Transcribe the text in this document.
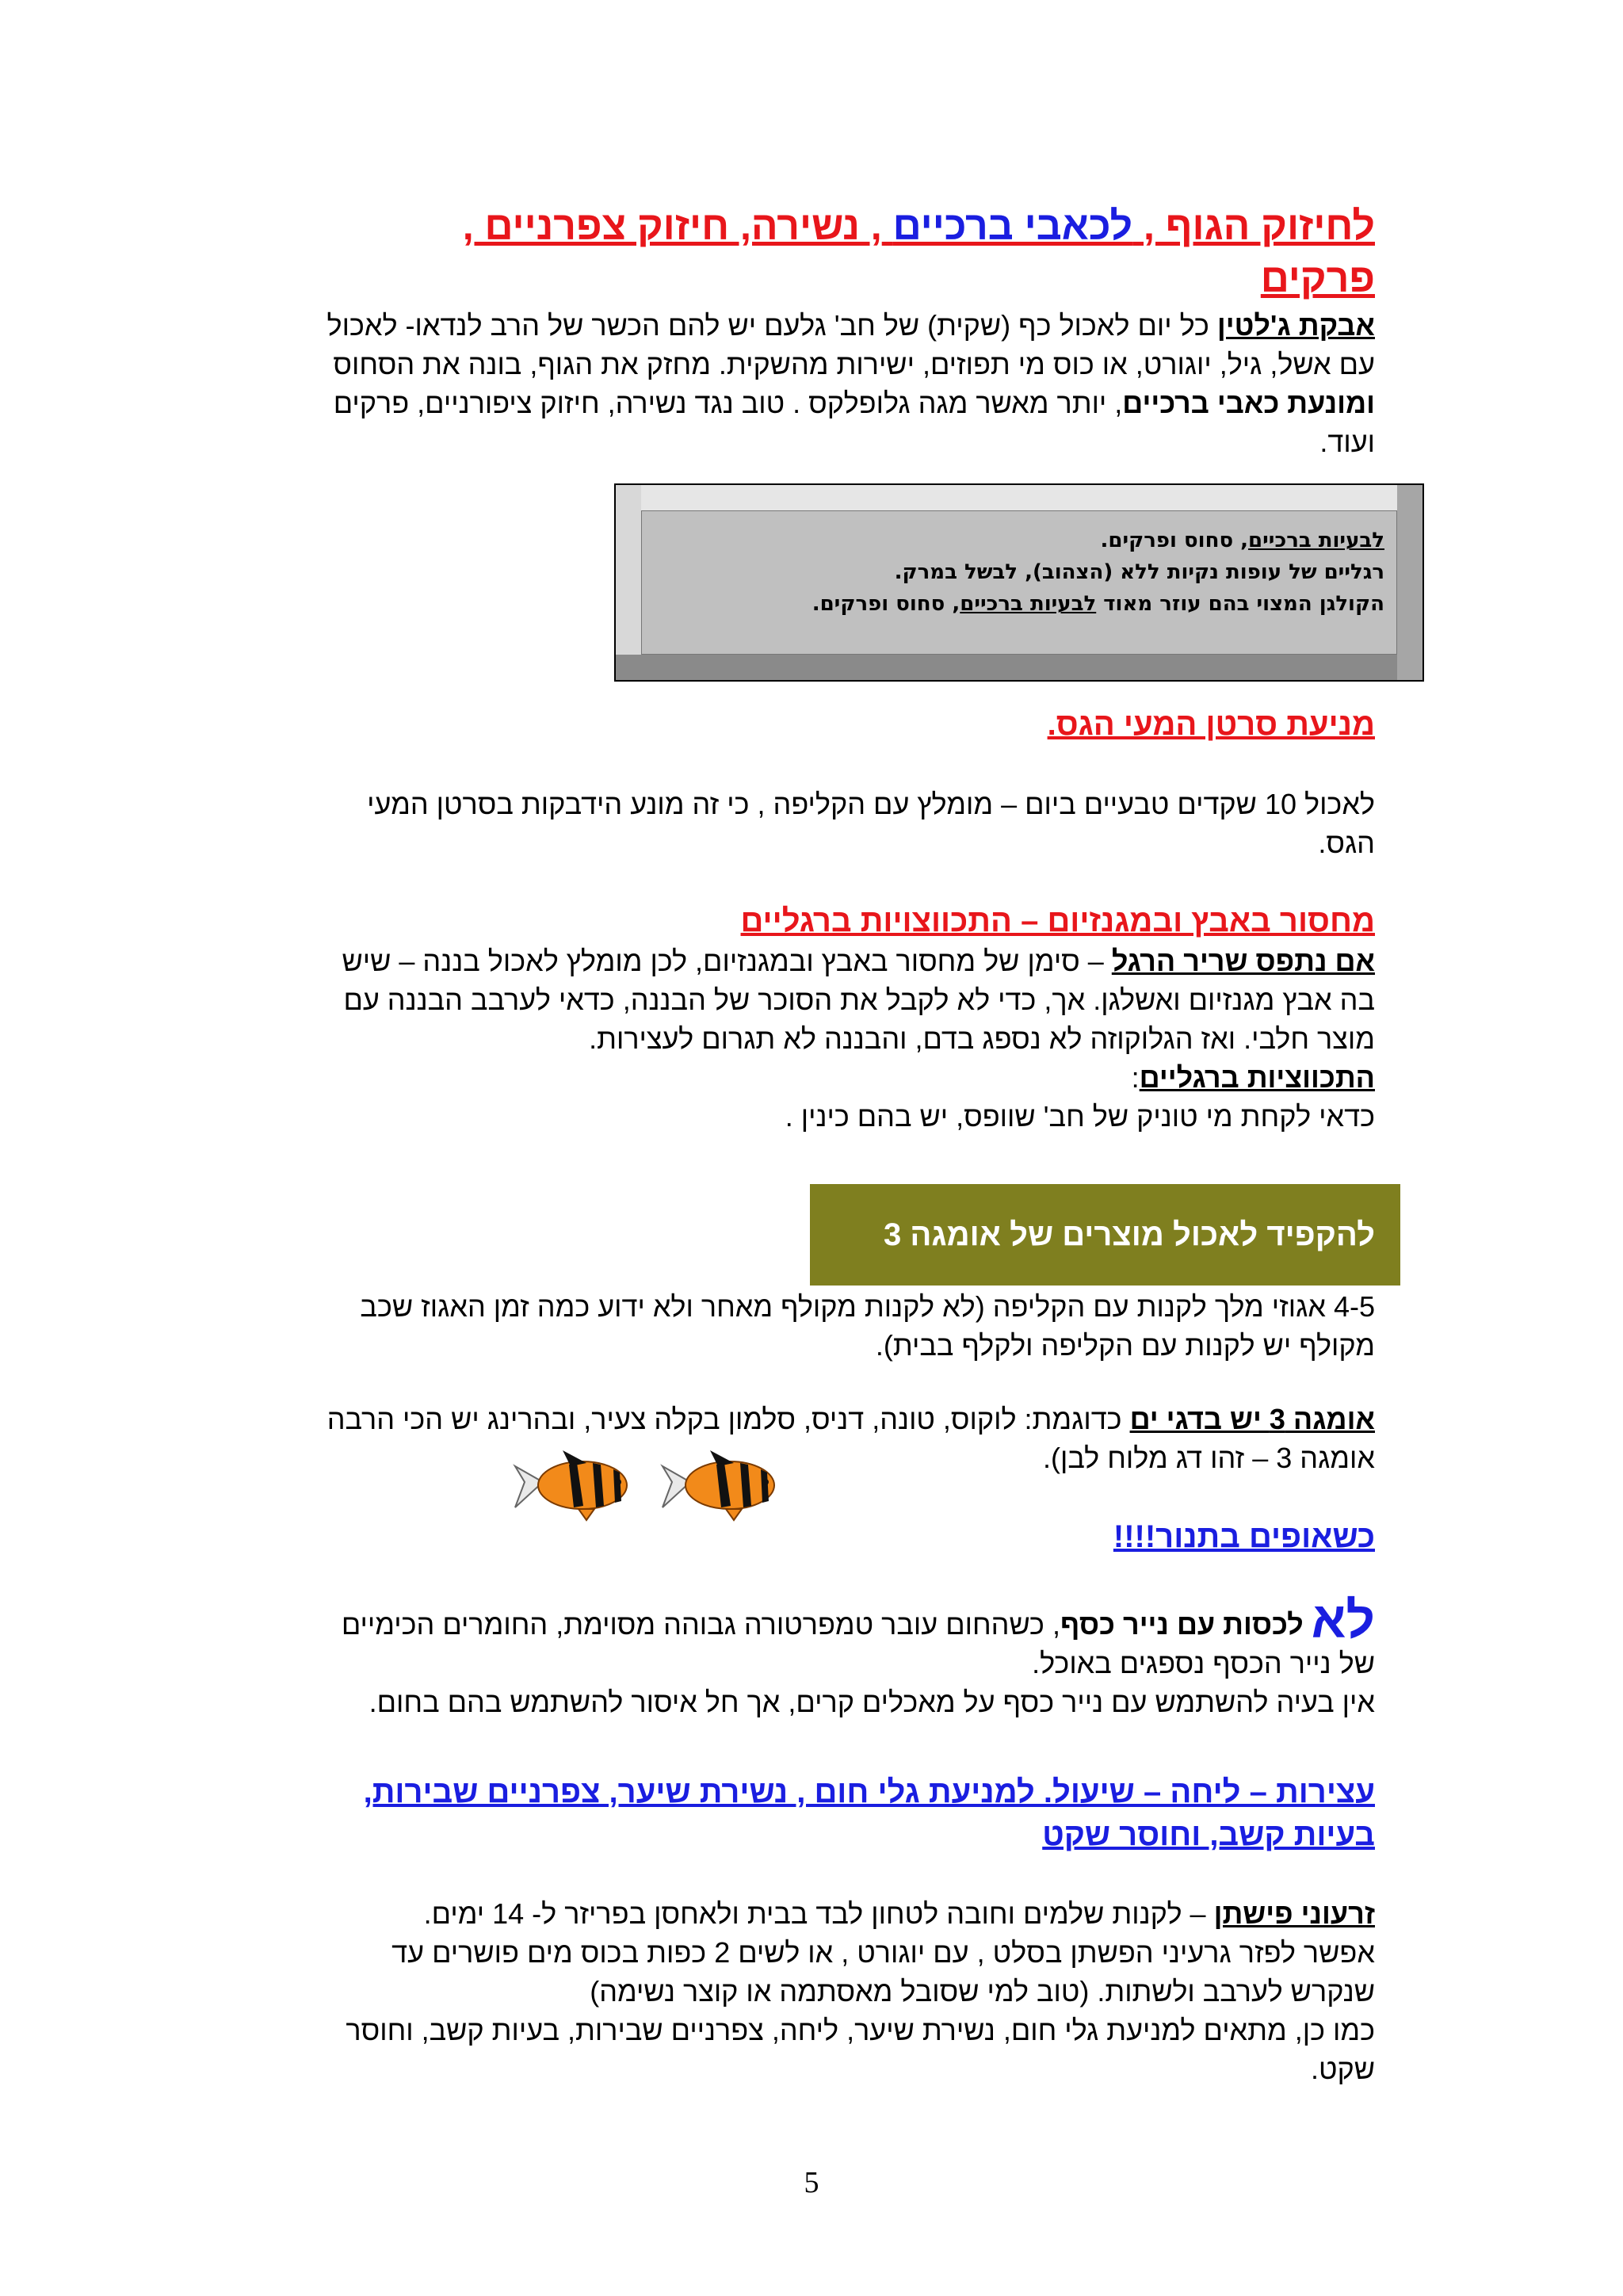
לחיזוק הגוף , לכאבי ברכיים , נשירה, חיזוק צפרניים ,
פרקים

אבקת ג'לטין כל יום לאכול כף (שקית) של חב' גלעם יש להם הכשר של הרב לנדאו- לאכול

עם אשל, גיל, יוגורט, או כוס מי תפוזים, ישירות מהשקית. מחזק את הגוף, בונה את הסחוס

ומונעת כאבי ברכיים, יותר מאשר מגה גלופלקס . טוב נגד נשירה, חיזוק ציפורניים, פרקים

ועוד.

לבעיות ברכיים, סחוס ופרקים.
רגליים של עופות נקיות ללא (הצהוב), לבשל במרק.
הקולגן המצוי בהם עוזר מאוד לבעיות ברכיים, סחוס ופרקים.
מניעת סרטן המעי הגס.

לאכול 10 שקדים טבעיים ביום – מומלץ עם הקליפה , כי זה מונע הידבקות בסרטן המעי

הגס.

מחסור באבץ ובמגנזיום – התכווצויות ברגליים

אם נתפס שריר הרגל – סימן של מחסור באבץ ובמגנזיום, לכן מומלץ לאכול בננה – שיש

בה אבץ מגנזיום ואשלגן. אך, כדי לא לקבל את הסוכר של הבננה, כדאי לערבב הבננה עם

מוצר חלבי. ואז הגלוקוזה לא נספג בדם, והבננה לא תגרום לעצירות.

התכווציות ברגליים:

כדאי לקחת מי טוניק של חב' שוופס, יש בהם כינין .

להקפיד לאכול מוצרים של אומגה 3

4-5 אגוזי מלך לקנות עם הקליפה (לא לקנות מקולף מאחר ולא ידוע כמה זמן האגוז שכב

מקולף יש לקנות עם הקליפה ולקלף בבית).

אומגה 3 יש בדגי ים כדוגמת: לוקוס, טונה, דניס, סלמון בקלה צעיר, ובהרינג יש הכי הרבה

אומגה 3 – זהו דג מלוח לבן).

כשאופים בתנור!!!!

לא לכסות עם נייר כסף, כשהחום עובר טמפרטורה גבוהה מסוימת, החומרים הכימיים

של נייר הכסף נספגים באוכל.

אין בעיה להשתמש עם נייר כסף על מאכלים קרים, אך חל איסור להשתמש בהם בחום.

עצירות – ליחה – שיעול. למניעת גלי חום , נשירת שיער, צפרניים שבירות,
בעיות קשב, וחוסר שקט

זרעוני פישתן – לקנות שלמים וחובה לטחון לבד בבית ולאחסן בפריזר ל- 14 ימים.

אפשר לפזר גרעיני הפשתן בסלט , עם יוגורט , או לשים 2 כפות בכוס מים פושרים עד

שנקרש לערבב ולשתות. (טוב למי שסובל מאסתמה או קוצר נשימה)

כמו כן, מתאים למניעת גלי חום, נשירת שיער, ליחה, צפרניים שבירות, בעיות קשב, וחוסר

שקט.

5
